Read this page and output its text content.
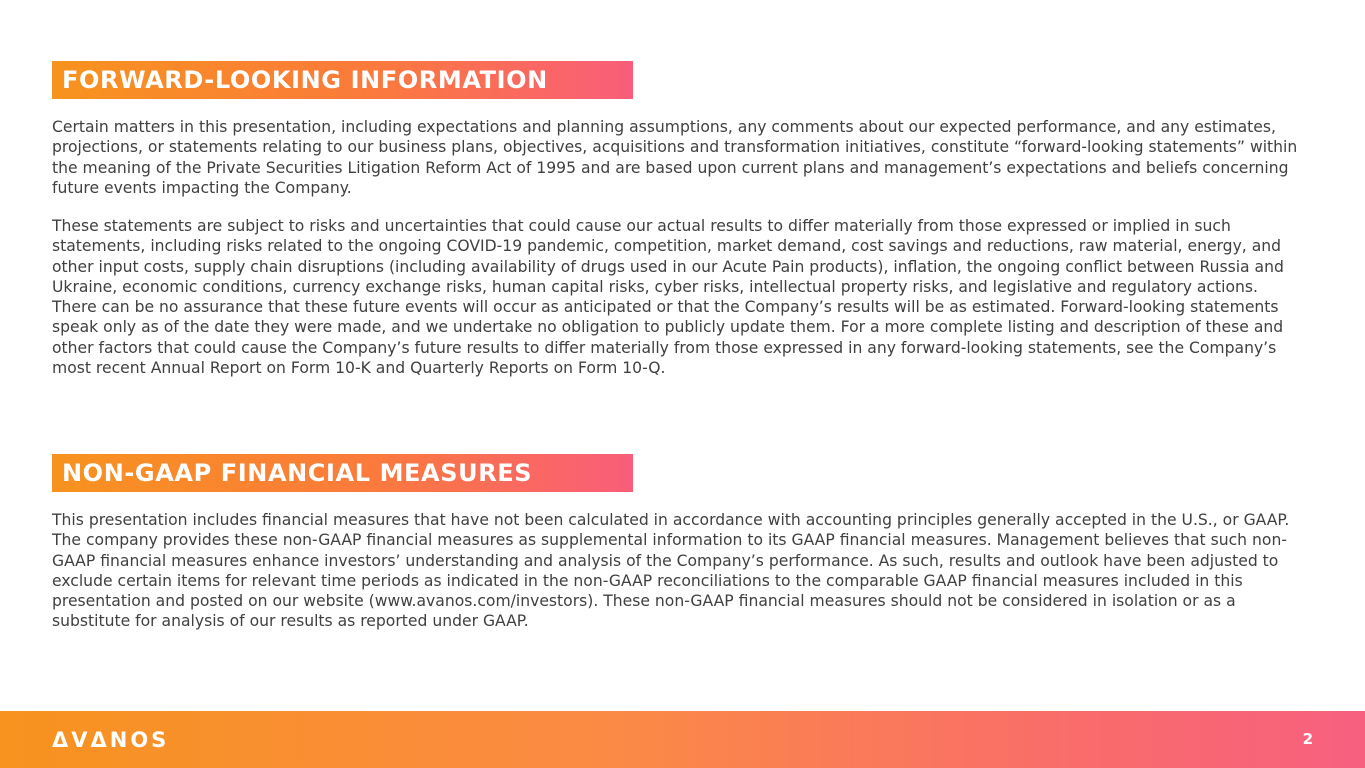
FORWARD-LOOKING INFORMATION

Certain matters in this presentation, including expectations and planning assumptions, any comments about our expected performance, and any estimates, projections, or statements relating to our business plans, objectives, acquisitions and transformation initiatives, constitute “forward-looking statements” within the meaning of the Private Securities Litigation Reform Act of 1995 and are based upon current plans and management’s expectations and beliefs concerning future events impacting the Company.

These statements are subject to risks and uncertainties that could cause our actual results to differ materially from those expressed or implied in such statements, including risks related to the ongoing COVID-19 pandemic, competition, market demand, cost savings and reductions, raw material, energy, and other input costs, supply chain disruptions (including availability of drugs used in our Acute Pain products), inflation, the ongoing conflict between Russia and Ukraine, economic conditions, currency exchange risks, human capital risks, cyber risks, intellectual property risks, and legislative and regulatory actions. There can be no assurance that these future events will occur as anticipated or that the Company’s results will be as estimated. Forward-looking statements speak only as of the date they were made, and we undertake no obligation to publicly update them. For a more complete listing and description of these and other factors that could cause the Company’s future results to differ materially from those expressed in any forward-looking statements, see the Company’s most recent Annual Report on Form 10-K and Quarterly Reports on Form 10-Q.

NON-GAAP FINANCIAL MEASURES

This presentation includes financial measures that have not been calculated in accordance with accounting principles generally accepted in the U.S., or GAAP. The company provides these non-GAAP financial measures as supplemental information to its GAAP financial measures. Management believes that such non-GAAP financial measures enhance investors’ understanding and analysis of the Company’s performance. As such, results and outlook have been adjusted to exclude certain items for relevant time periods as indicated in the non-GAAP reconciliations to the comparable GAAP financial measures included in this presentation and posted on our website (www.avanos.com/investors). These non-GAAP financial measures should not be considered in isolation or as a substitute for analysis of our results as reported under GAAP.

ΔVΔNOS	2
